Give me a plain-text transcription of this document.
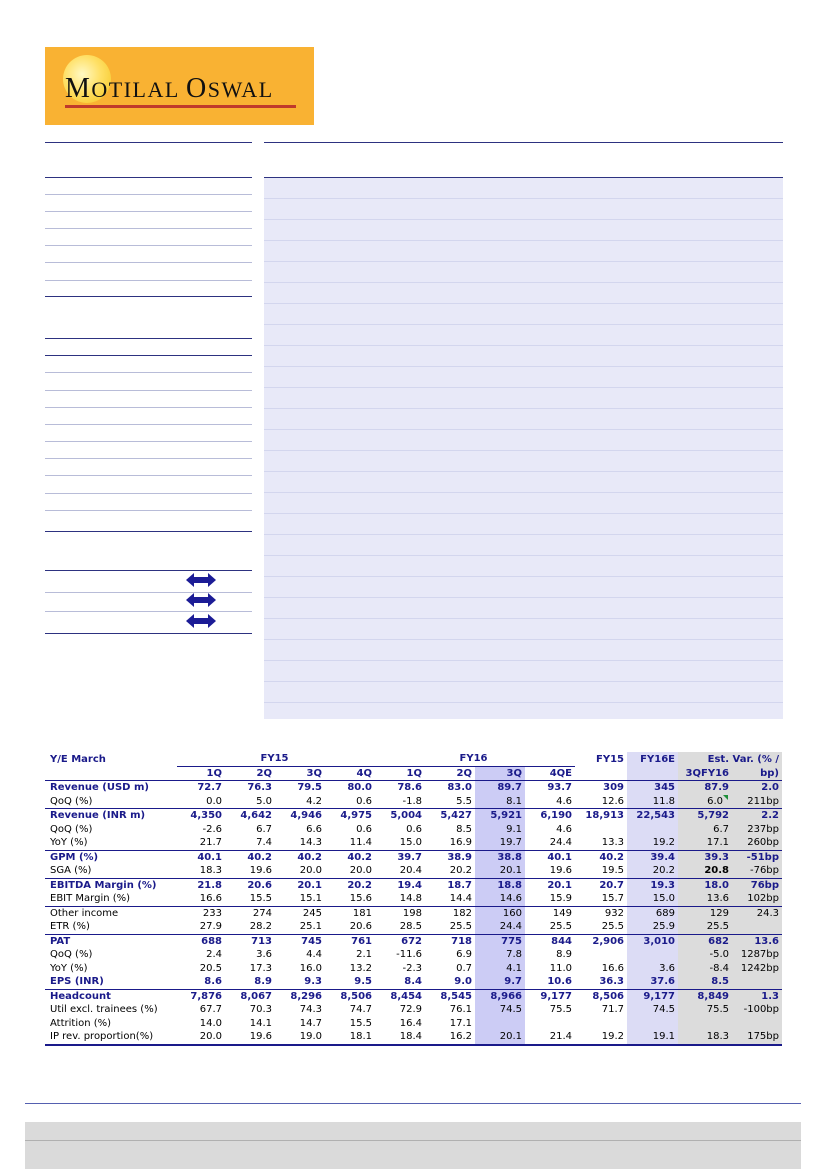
MOTILAL OSWAL
Y/E March	FY15				FY16				FY15	FY16E	Est.	Var. (% /
	1Q	2Q	3Q	4Q	1Q	2Q	3Q	4QE			3QFY16	bp)
Revenue (USD m)	72.7	76.3	79.5	80.0	78.6	83.0	89.7	93.7	309	345	87.9	2.0
QoQ (%)	0.0	5.0	4.2	0.6	-1.8	5.5	8.1	4.6	12.6	11.8	6.0	211bp
Revenue (INR m)	4,350	4,642	4,946	4,975	5,004	5,427	5,921	6,190	18,913	22,543	5,792	2.2
QoQ (%)	-2.6	6.7	6.6	0.6	0.6	8.5	9.1	4.6			6.7	237bp
YoY (%)	21.7	7.4	14.3	11.4	15.0	16.9	19.7	24.4	13.3	19.2	17.1	260bp
GPM (%)	40.1	40.2	40.2	40.2	39.7	38.9	38.8	40.1	40.2	39.4	39.3	-51bp
SGA (%)	18.3	19.6	20.0	20.0	20.4	20.2	20.1	19.6	19.5	20.2	20.8	-76bp
EBITDA Margin (%)	21.8	20.6	20.1	20.2	19.4	18.7	18.8	20.1	20.7	19.3	18.0	76bp
EBIT Margin (%)	16.6	15.5	15.1	15.6	14.8	14.4	14.6	15.9	15.7	15.0	13.6	102bp
Other income	233	274	245	181	198	182	160	149	932	689	129	24.3
ETR (%)	27.9	28.2	25.1	20.6	28.5	25.5	24.4	25.5	25.5	25.9	25.5	
PAT	688	713	745	761	672	718	775	844	2,906	3,010	682	13.6
QoQ (%)	2.4	3.6	4.4	2.1	-11.6	6.9	7.8	8.9			-5.0	1287bp
YoY (%)	20.5	17.3	16.0	13.2	-2.3	0.7	4.1	11.0	16.6	3.6	-8.4	1242bp
EPS (INR)	8.6	8.9	9.3	9.5	8.4	9.0	9.7	10.6	36.3	37.6	8.5	
Headcount	7,876	8,067	8,296	8,506	8,454	8,545	8,966	9,177	8,506	9,177	8,849	1.3
Util excl. trainees (%)	67.7	70.3	74.3	74.7	72.9	76.1	74.5	75.5	71.7	74.5	75.5	-100bp
Attrition (%)	14.0	14.1	14.7	15.5	16.4	17.1						
IP rev. proportion(%)	20.0	19.6	19.0	18.1	18.4	16.2	20.1	21.4	19.2	19.1	18.3	175bp
